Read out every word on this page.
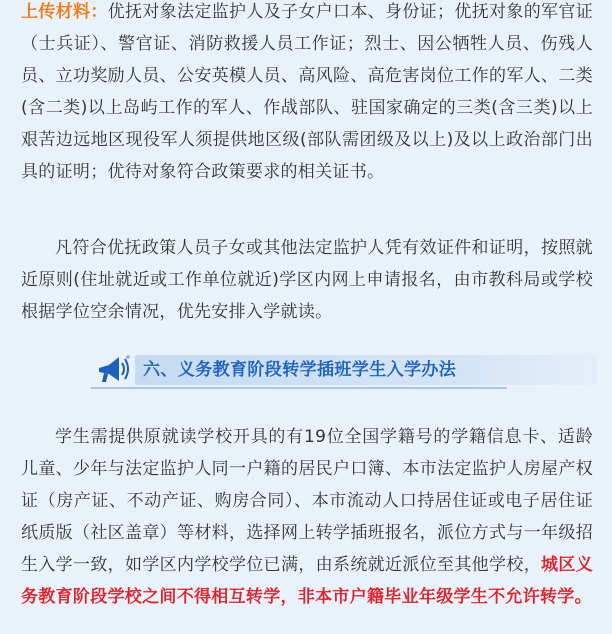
上传材料：优抚对象法定监护人及子女户口本、身份证；优抚对象的军官证（士兵证）、警官证、消防救援人员工作证；烈士、因公牺牲人员、伤残人员、立功奖励人员、公安英模人员、高风险、高危害岗位工作的军人、二类(含二类)以上岛屿工作的军人、作战部队、驻国家确定的三类(含三类)以上艰苦边远地区现役军人须提供地区级(部队需团级及以上)及以上政治部门出具的证明；优待对象符合政策要求的相关证书。

凡符合优抚政策人员子女或其他法定监护人凭有效证件和证明，按照就近原则(住址就近或工作单位就近)学区内网上申请报名，由市教科局或学校根据学位空余情况，优先安排入学就读。

六、义务教育阶段转学插班学生入学办法

学生需提供原就读学校开具的有19位全国学籍号的学籍信息卡、适龄儿童、少年与法定监护人同一户籍的居民户口簿、本市法定监护人房屋产权证（房产证、不动产证、购房合同）、本市流动人口持居住证或电子居住证纸质版（社区盖章）等材料，选择网上转学插班报名，派位方式与一年级招生入学一致，如学区内学校学位已满，由系统就近派位至其他学校，城区义务教育阶段学校之间不得相互转学，非本市户籍毕业年级学生不允许转学。
